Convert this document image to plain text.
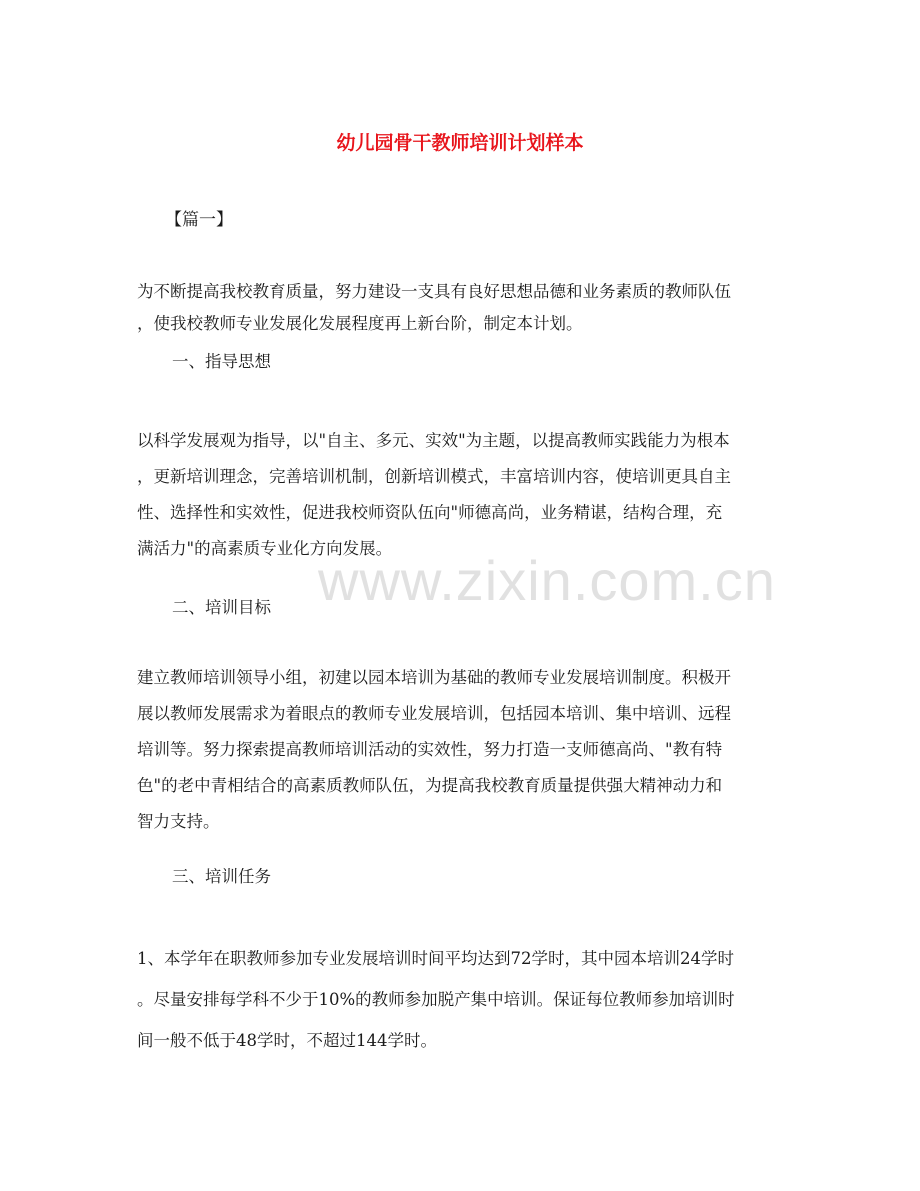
幼儿园骨干教师培训计划样本
【篇一】
为不断提高我校教育质量，努力建设一支具有良好思想品德和业务素质的教师队伍
，使我校教师专业发展化发展程度再上新台阶，制定本计划。
一、指导思想
以科学发展观为指导，以"自主、多元、实效"为主题，以提高教师实践能力为根本
，更新培训理念，完善培训机制，创新培训模式，丰富培训内容，使培训更具自主
性、选择性和实效性，促进我校师资队伍向"师德高尚，业务精谌，结构合理，充
满活力"的高素质专业化方向发展。
二、培训目标
建立教师培训领导小组，初建以园本培训为基础的教师专业发展培训制度。积极开
展以教师发展需求为着眼点的教师专业发展培训，包括园本培训、集中培训、远程
培训等。努力探索提高教师培训活动的实效性，努力打造一支师德高尚、"教有特
色"的老中青相结合的高素质教师队伍，为提高我校教育质量提供强大精神动力和
智力支持。
三、培训任务
1、本学年在职教师参加专业发展培训时间平均达到72学时，其中园本培训24学时
。尽量安排每学科不少于10%的教师参加脱产集中培训。保证每位教师参加培训时
间一般不低于48学时，不超过144学时。
www.zixin.com.cn
